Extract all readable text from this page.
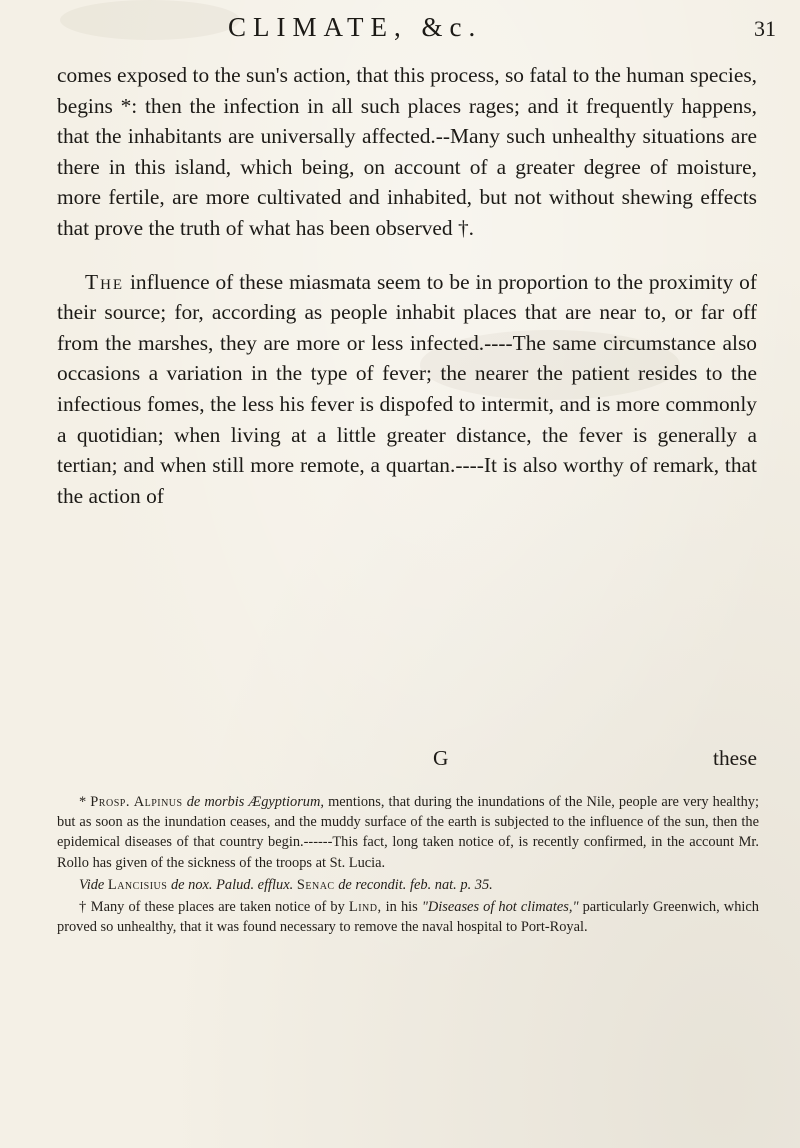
CLIMATE, &c.	31

comes exposed to the sun's action, that this process, so fatal to the human species, begins *: then the infection in all such places rages; and it frequently happens, that the inhabitants are universally affected.--Many such unhealthy situations are there in this island, which being, on account of a greater degree of moisture, more fertile, are more cultivated and inhabited, but not without shewing effects that prove the truth of what has been observed †.

The influence of these miasmata seem to be in proportion to the proximity of their source; for, according as people inhabit places that are near to, or far off from the marshes, they are more or less infected.----The same circumstance also occasions a variation in the type of fever; the nearer the patient resides to the infectious fomes, the less his fever is dispofed to intermit, and is more commonly a quotidian; when living at a little greater distance, the fever is generally a tertian; and when still more remote, a quartan.----It is also worthy of remark, that the action of

G	these

* Prosp. Alpinus de morbis Ægyptiorum, mentions, that during the inundations of the Nile, people are very healthy; but as soon as the inundation ceases, and the muddy surface of the earth is subjected to the influence of the sun, then the epidemical diseases of that country begin.------This fact, long taken notice of, is recently confirmed, in the account Mr. Rollo has given of the sickness of the troops at St. Lucia.

Vide Lancisius de nox. Palud. efflux. Senac de recondit. feb. nat. p. 35.

† Many of these places are taken notice of by Lind, in his "Diseases of hot climates," particularly Greenwich, which proved so unhealthy, that it was found necessary to remove the naval hospital to Port-Royal.
